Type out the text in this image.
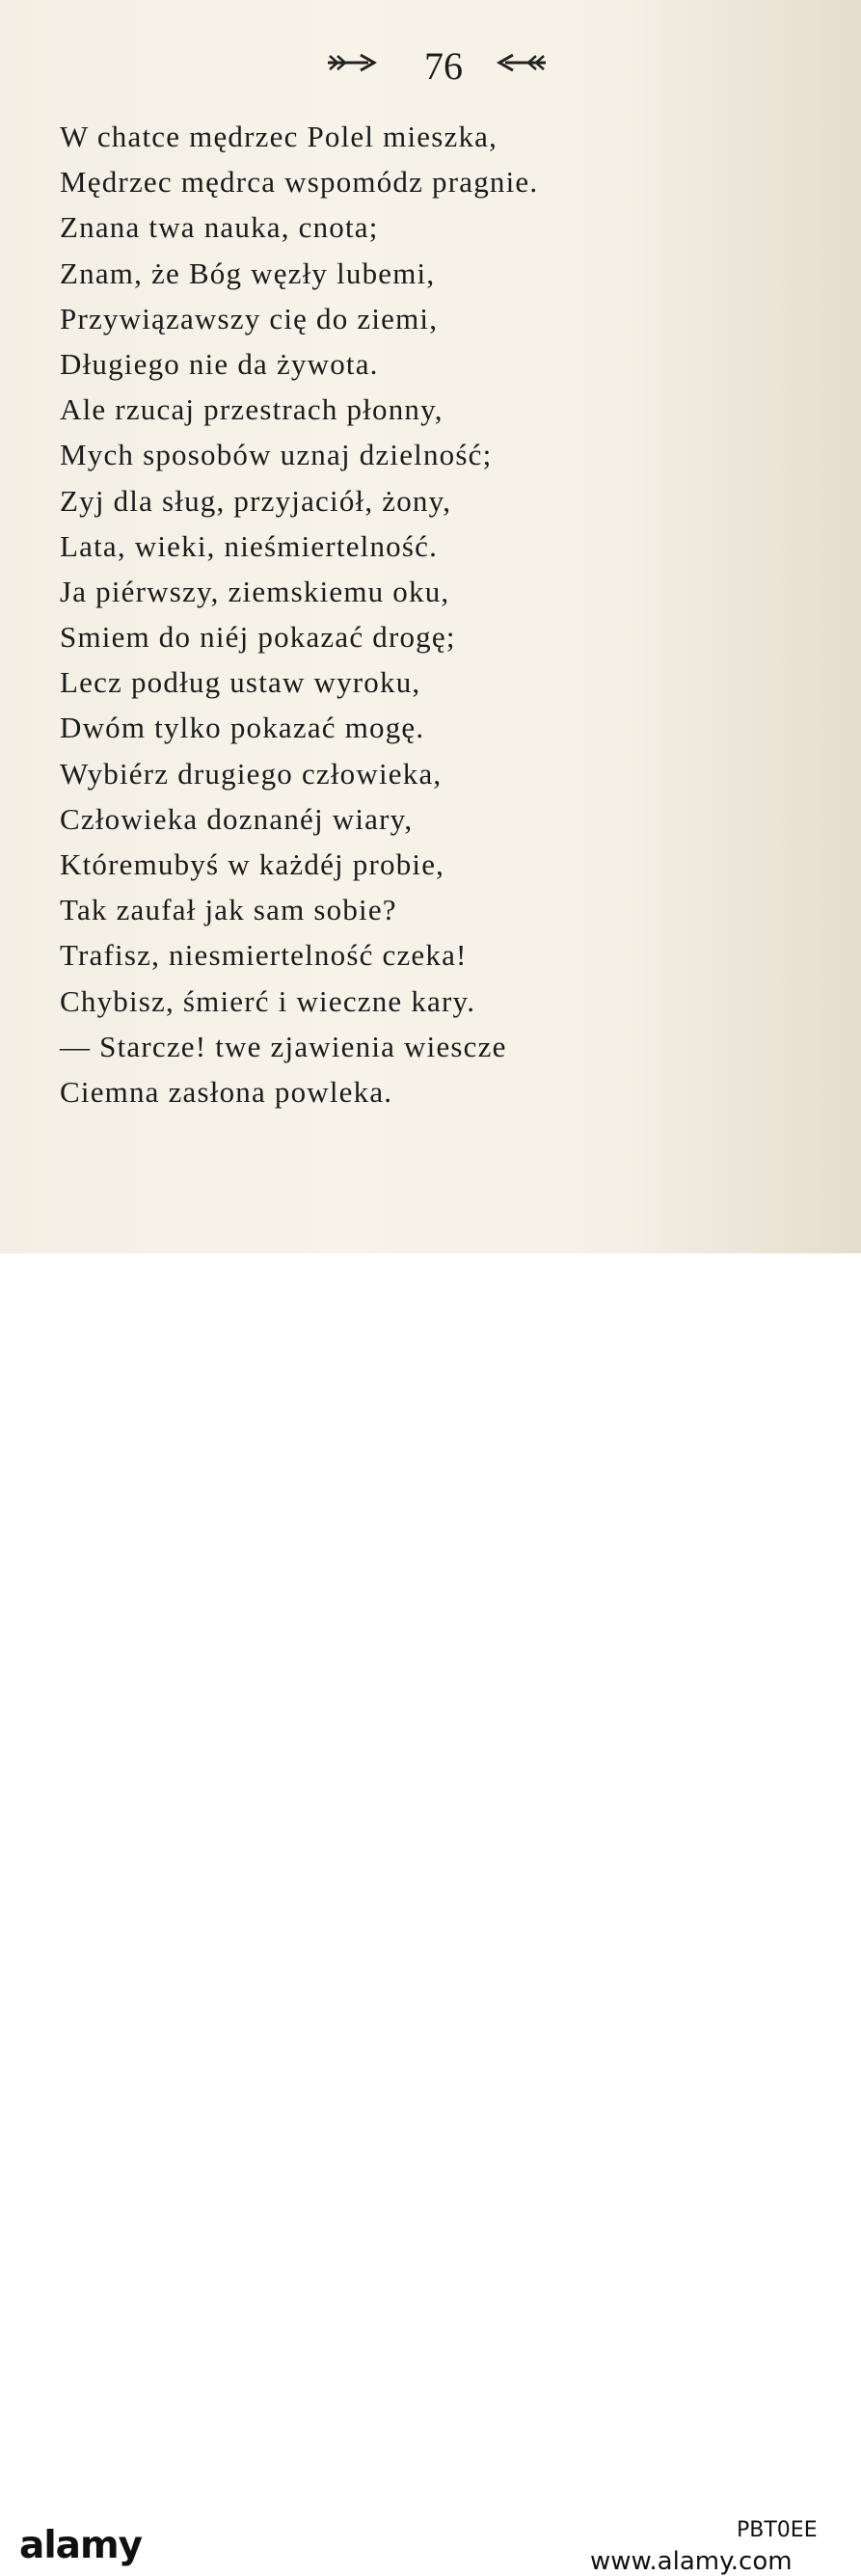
76
W chatce mędrzec Polel mieszka,
Mędrzec mędrca wspomódz pragnie.
Znana twa nauka, cnota;
Znam, że Bóg węzły lubemi,
Przywiązawszy cię do ziemi,
Długiego nie da żywota.
Ale rzucaj przestrach płonny,
Mych sposobów uznaj dzielność;
Zyj dla sług, przyjaciół, żony,
Lata, wieki, nieśmiertelność.
Ja piérwszy, ziemskiemu oku,
Smiem do niéj pokazać drogę;
Lecz podług ustaw wyroku,
Dwóm tylko pokazać mogę.
Wybiérz drugiego człowieka,
Człowieka doznanéj wiary,
Któremubyś w każdéj probie,
Tak zaufał jak sam sobie?
Trafisz, niesmiertelność czeka!
Chybisz, śmierć i wieczne kary.
— Starcze! twe zjawienia wiescze
Ciemna zasłona powleka.
alamy	PBT0EE
www.alamy.com
